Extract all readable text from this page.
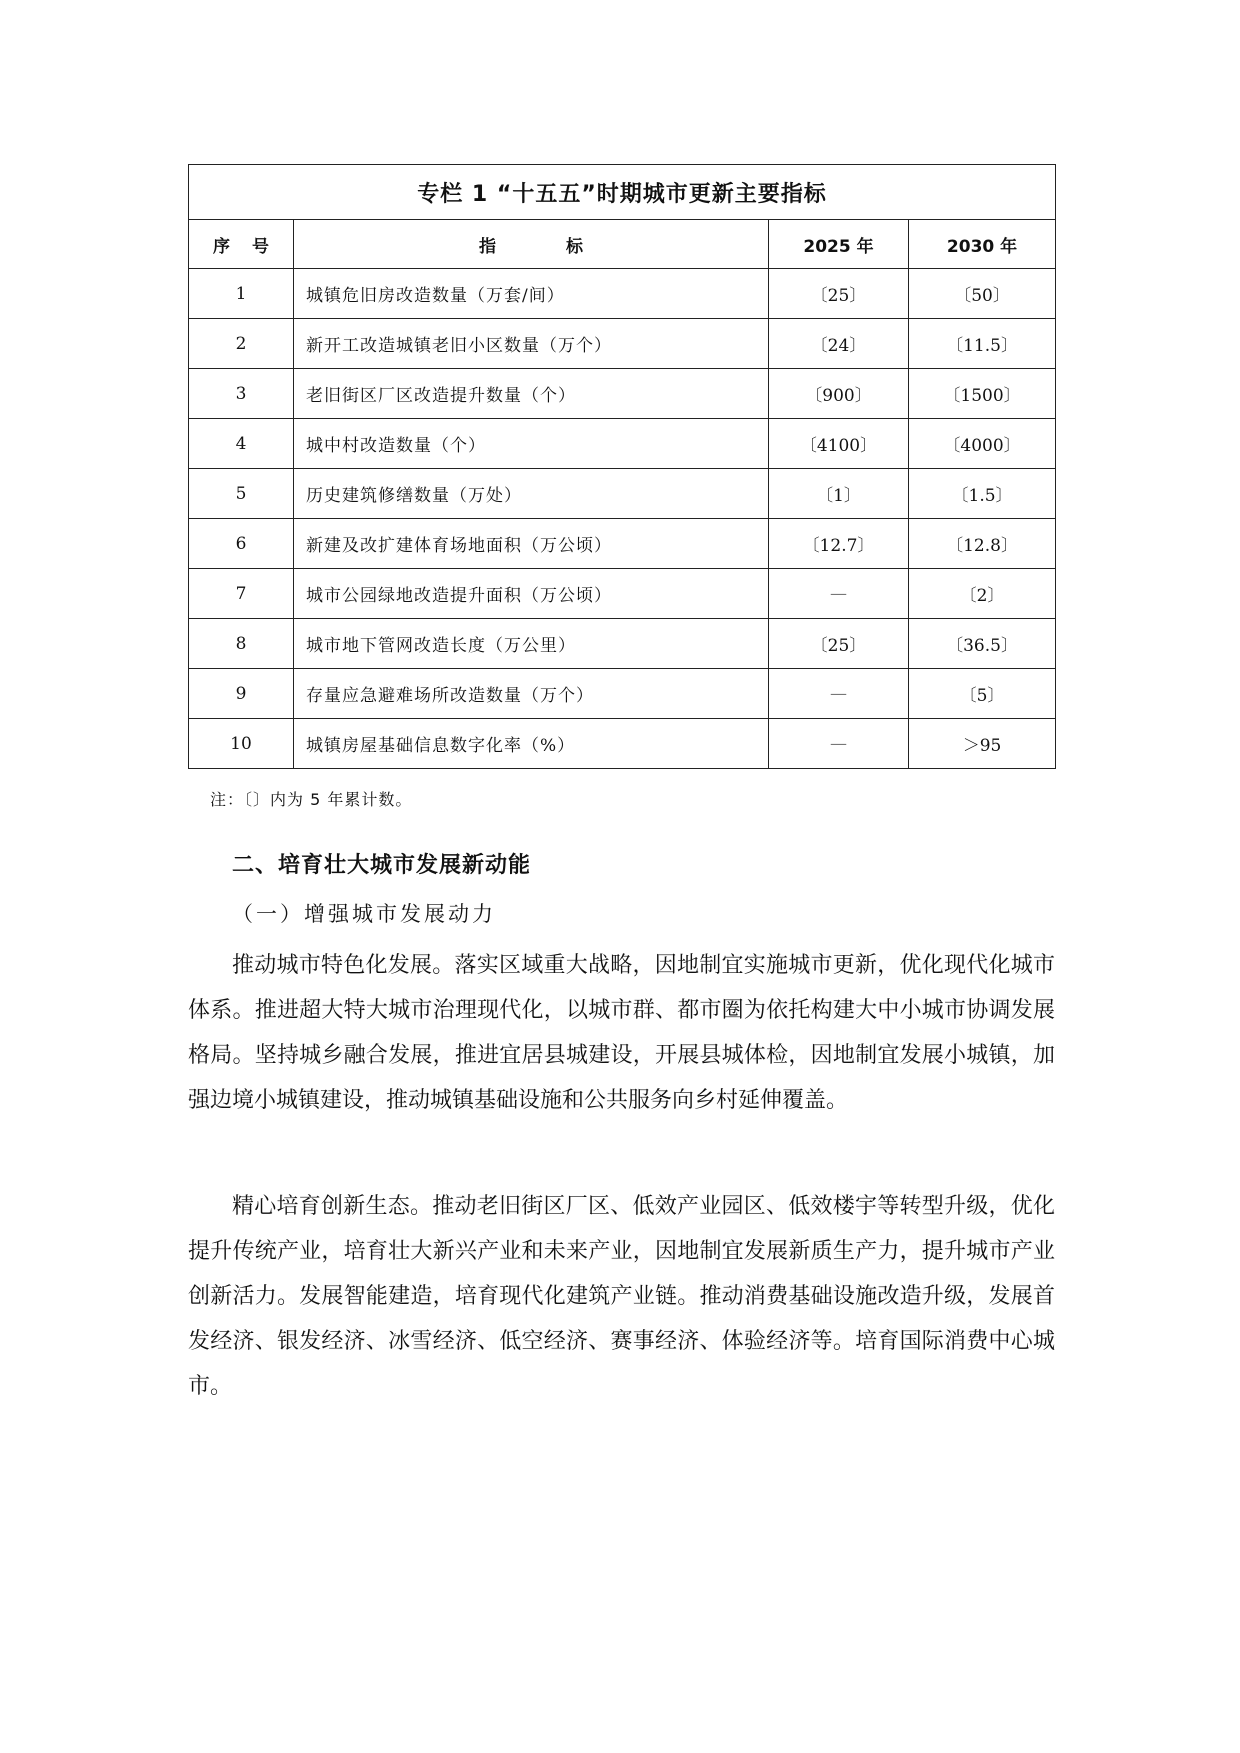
专栏 1 “十五五”时期城市更新主要指标			
序号	指标	2025 年	2030 年
1	城镇危旧房改造数量（万套/间）	〔25〕	〔50〕
2	新开工改造城镇老旧小区数量（万个）	〔24〕	〔11.5〕
3	老旧街区厂区改造提升数量（个）	〔900〕	〔1500〕
4	城中村改造数量（个）	〔4100〕	〔4000〕
5	历史建筑修缮数量（万处）	〔1〕	〔1.5〕
6	新建及改扩建体育场地面积（万公顷）	〔12.7〕	〔12.8〕
7	城市公园绿地改造提升面积（万公顷）	—	〔2〕
8	城市地下管网改造长度（万公里）	〔25〕	〔36.5〕
9	存量应急避难场所改造数量（万个）	—	〔5〕
10	城镇房屋基础信息数字化率（%）	—	＞95
注：〔〕内为 5 年累计数。
二、培育壮大城市发展新动能
（一）增强城市发展动力

推动城市特色化发展。落实区域重大战略，因地制宜实施城市更新，优化现代化城市体系。推进超大特大城市治理现代化，以城市群、都市圈为依托构建大中小城市协调发展格局。坚持城乡融合发展，推进宜居县城建设，开展县城体检，因地制宜发展小城镇，加强边境小城镇建设，推动城镇基础设施和公共服务向乡村延伸覆盖。

精心培育创新生态。推动老旧街区厂区、低效产业园区、低效楼宇等转型升级，优化提升传统产业，培育壮大新兴产业和未来产业，因地制宜发展新质生产力，提升城市产业创新活力。发展智能建造，培育现代化建筑产业链。推动消费基础设施改造升级，发展首发经济、银发经济、冰雪经济、低空经济、赛事经济、体验经济等。培育国际消费中心城市。
